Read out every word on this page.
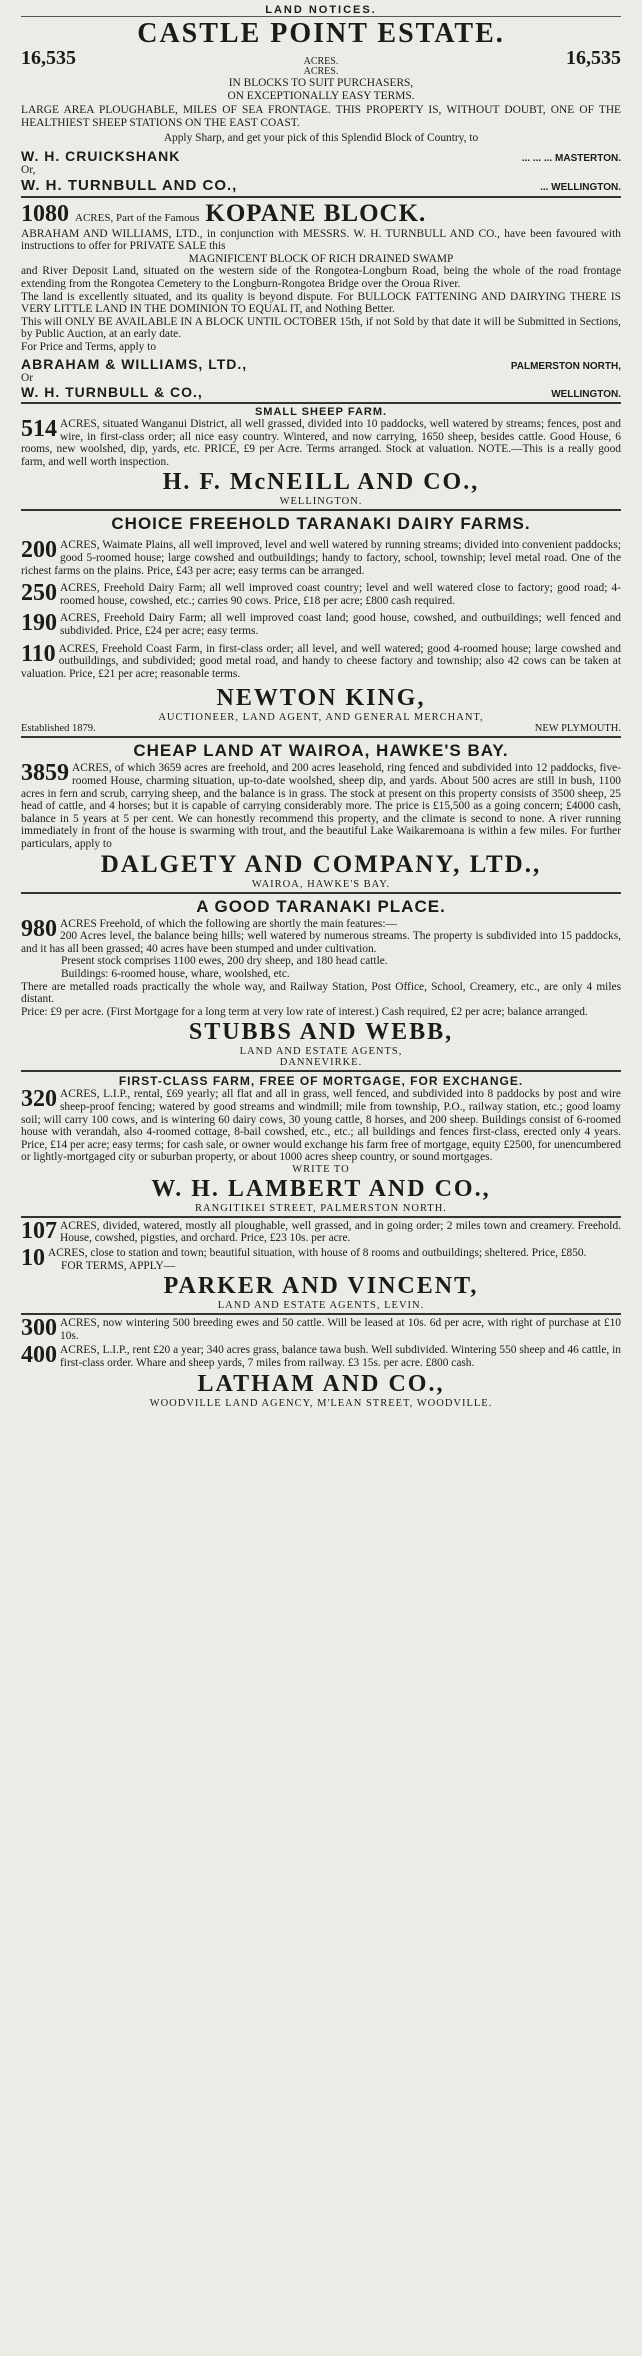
LAND NOTICES.
CASTLE POINT ESTATE.
16,535	ACRES.
ACRES.
16,535

IN BLOCKS TO SUIT PURCHASERS,

ON EXCEPTIONALLY EASY TERMS.

LARGE AREA PLOUGHABLE, MILES OF SEA FRONTAGE. THIS PROPERTY IS, WITHOUT DOUBT, ONE OF THE HEALTHIEST SHEEP STATIONS ON THE EAST COAST.

Apply Sharp, and get your pick of this Splendid Block of Country, to

W. H. CRUICKSHANK	... ... ... MASTERTON.

Or,

W. H. TURNBULL AND CO.,	... WELLINGTON.
1080 ACRES, Part of the Famous KOPANE BLOCK.

ABRAHAM AND WILLIAMS, LTD., in conjunction with MESSRS. W. H. TURNBULL AND CO., have been favoured with instructions to offer for PRIVATE SALE this

MAGNIFICENT BLOCK OF RICH DRAINED SWAMP

and River Deposit Land, situated on the western side of the Rongotea-Longburn Road, being the whole of the road frontage extending from the Rongotea Cemetery to the Longburn-Rongotea Bridge over the Oroua River.

The land is excellently situated, and its quality is beyond dispute. For BULLOCK FATTENING AND DAIRYING THERE IS VERY LITTLE LAND IN THE DOMINION TO EQUAL IT, and Nothing Better.

This will ONLY BE AVAILABLE IN A BLOCK UNTIL OCTOBER 15th, if not Sold by that date it will be Submitted in Sections, by Public Auction, at an early date.

For Price and Terms, apply to

ABRAHAM & WILLIAMS, LTD.,	PALMERSTON NORTH,

Or

W. H. TURNBULL & CO.,	WELLINGTON.
SMALL SHEEP FARM.

514 ACRES, situated Wanganui District, all well grassed, divided into 10 paddocks, well watered by streams; fences, post and wire, in first-class order; all nice easy country. Wintered, and now carrying, 1650 sheep, besides cattle. Good House, 6 rooms, new woolshed, dip, yards, etc. PRICE, £9 per Acre. Terms arranged. Stock at valuation. NOTE.—This is a really good farm, and well worth inspection.

H. F. McNEILL AND CO.,
WELLINGTON.
CHOICE FREEHOLD TARANAKI DAIRY FARMS.

200 ACRES, Waimate Plains, all well improved, level and well watered by running streams; divided into convenient paddocks; good 5-roomed house; large cowshed and outbuildings; handy to factory, school, township; level metal road. One of the richest farms on the plains. Price, £43 per acre; easy terms can be arranged.

250 ACRES, Freehold Dairy Farm; all well improved coast country; level and well watered close to factory; good road; 4-roomed house, cowshed, etc.; carries 90 cows. Price, £18 per acre; £800 cash required.

190 ACRES, Freehold Dairy Farm; all well improved coast land; good house, cowshed, and outbuildings; well fenced and subdivided. Price, £24 per acre; easy terms.

110 ACRES, Freehold Coast Farm, in first-class order; all level, and well watered; good 4-roomed house; large cowshed and outbuildings, and subdivided; good metal road, and handy to cheese factory and township; also 42 cows can be taken at valuation. Price, £21 per acre; reasonable terms.

NEWTON KING,
AUCTIONEER, LAND AGENT, AND GENERAL MERCHANT,
Established 1879.	NEW PLYMOUTH.
CHEAP LAND AT WAIROA, HAWKE'S BAY.

3859 ACRES, of which 3659 acres are freehold, and 200 acres leasehold, ring fenced and subdivided into 12 paddocks, five-roomed House, charming situation, up-to-date woolshed, sheep dip, and yards. About 500 acres are still in bush, 1100 acres in fern and scrub, carrying sheep, and the balance is in grass. The stock at present on this property consists of 3500 sheep, 25 head of cattle, and 4 horses; but it is capable of carrying considerably more. The price is £15,500 as a going concern; £4000 cash, balance in 5 years at 5 per cent. We can honestly recommend this property, and the climate is second to none. A river running immediately in front of the house is swarming with trout, and the beautiful Lake Waikaremoana is within a few miles. For further particulars, apply to

DALGETY AND COMPANY, LTD.,
WAIROA, HAWKE'S BAY.
A GOOD TARANAKI PLACE.

980 ACRES Freehold, of which the following are shortly the main features:—

200 Acres level, the balance being hills; well watered by numerous streams. The property is subdivided into 15 paddocks, and it has all been grassed; 40 acres have been stumped and under cultivation.

Present stock comprises 1100 ewes, 200 dry sheep, and 180 head cattle.

Buildings: 6-roomed house, whare, woolshed, etc.

There are metalled roads practically the whole way, and Railway Station, Post Office, School, Creamery, etc., are only 4 miles distant.

Price: £9 per acre. (First Mortgage for a long term at very low rate of interest.) Cash required, £2 per acre; balance arranged.

STUBBS AND WEBB,
LAND AND ESTATE AGENTS,
DANNEVIRKE.
FIRST-CLASS FARM, FREE OF MORTGAGE, FOR EXCHANGE.

320 ACRES, L.I.P., rental, £69 yearly; all flat and all in grass, well fenced, and subdivided into 8 paddocks by post and wire sheep-proof fencing; watered by good streams and windmill; mile from township, P.O., railway station, etc.; good loamy soil; will carry 100 cows, and is wintering 60 dairy cows, 30 young cattle, 8 horses, and 200 sheep. Buildings consist of 6-roomed house with verandah, also 4-roomed cottage, 8-bail cowshed, etc., etc.; all buildings and fences first-class, erected only 4 years. Price, £14 per acre; easy terms; for cash sale, or owner would exchange his farm free of mortgage, equity £2500, for unencumbered or lightly-mortgaged city or suburban property, or about 1000 acres sheep country, or sound mortgages.

WRITE TO
W. H. LAMBERT AND CO.,
RANGITIKEI STREET, PALMERSTON NORTH.

107 ACRES, divided, watered, mostly all ploughable, well grassed, and in going order; 2 miles town and creamery. Freehold. House, cowshed, pigsties, and orchard. Price, £23 10s. per acre.

10 ACRES, close to station and town; beautiful situation, with house of 8 rooms and outbuildings; sheltered. Price, £850.

FOR TERMS, APPLY—

PARKER AND VINCENT,
LAND AND ESTATE AGENTS, LEVIN.

300 ACRES, now wintering 500 breeding ewes and 50 cattle. Will be leased at 10s. 6d per acre, with right of purchase at £10 10s.

400 ACRES, L.I.P., rent £20 a year; 340 acres grass, balance tawa bush. Well subdivided. Wintering 550 sheep and 46 cattle, in first-class order. Whare and sheep yards, 7 miles from railway. £3 15s. per acre. £800 cash.

LATHAM AND CO.,
WOODVILLE LAND AGENCY, M'LEAN STREET, WOODVILLE.
